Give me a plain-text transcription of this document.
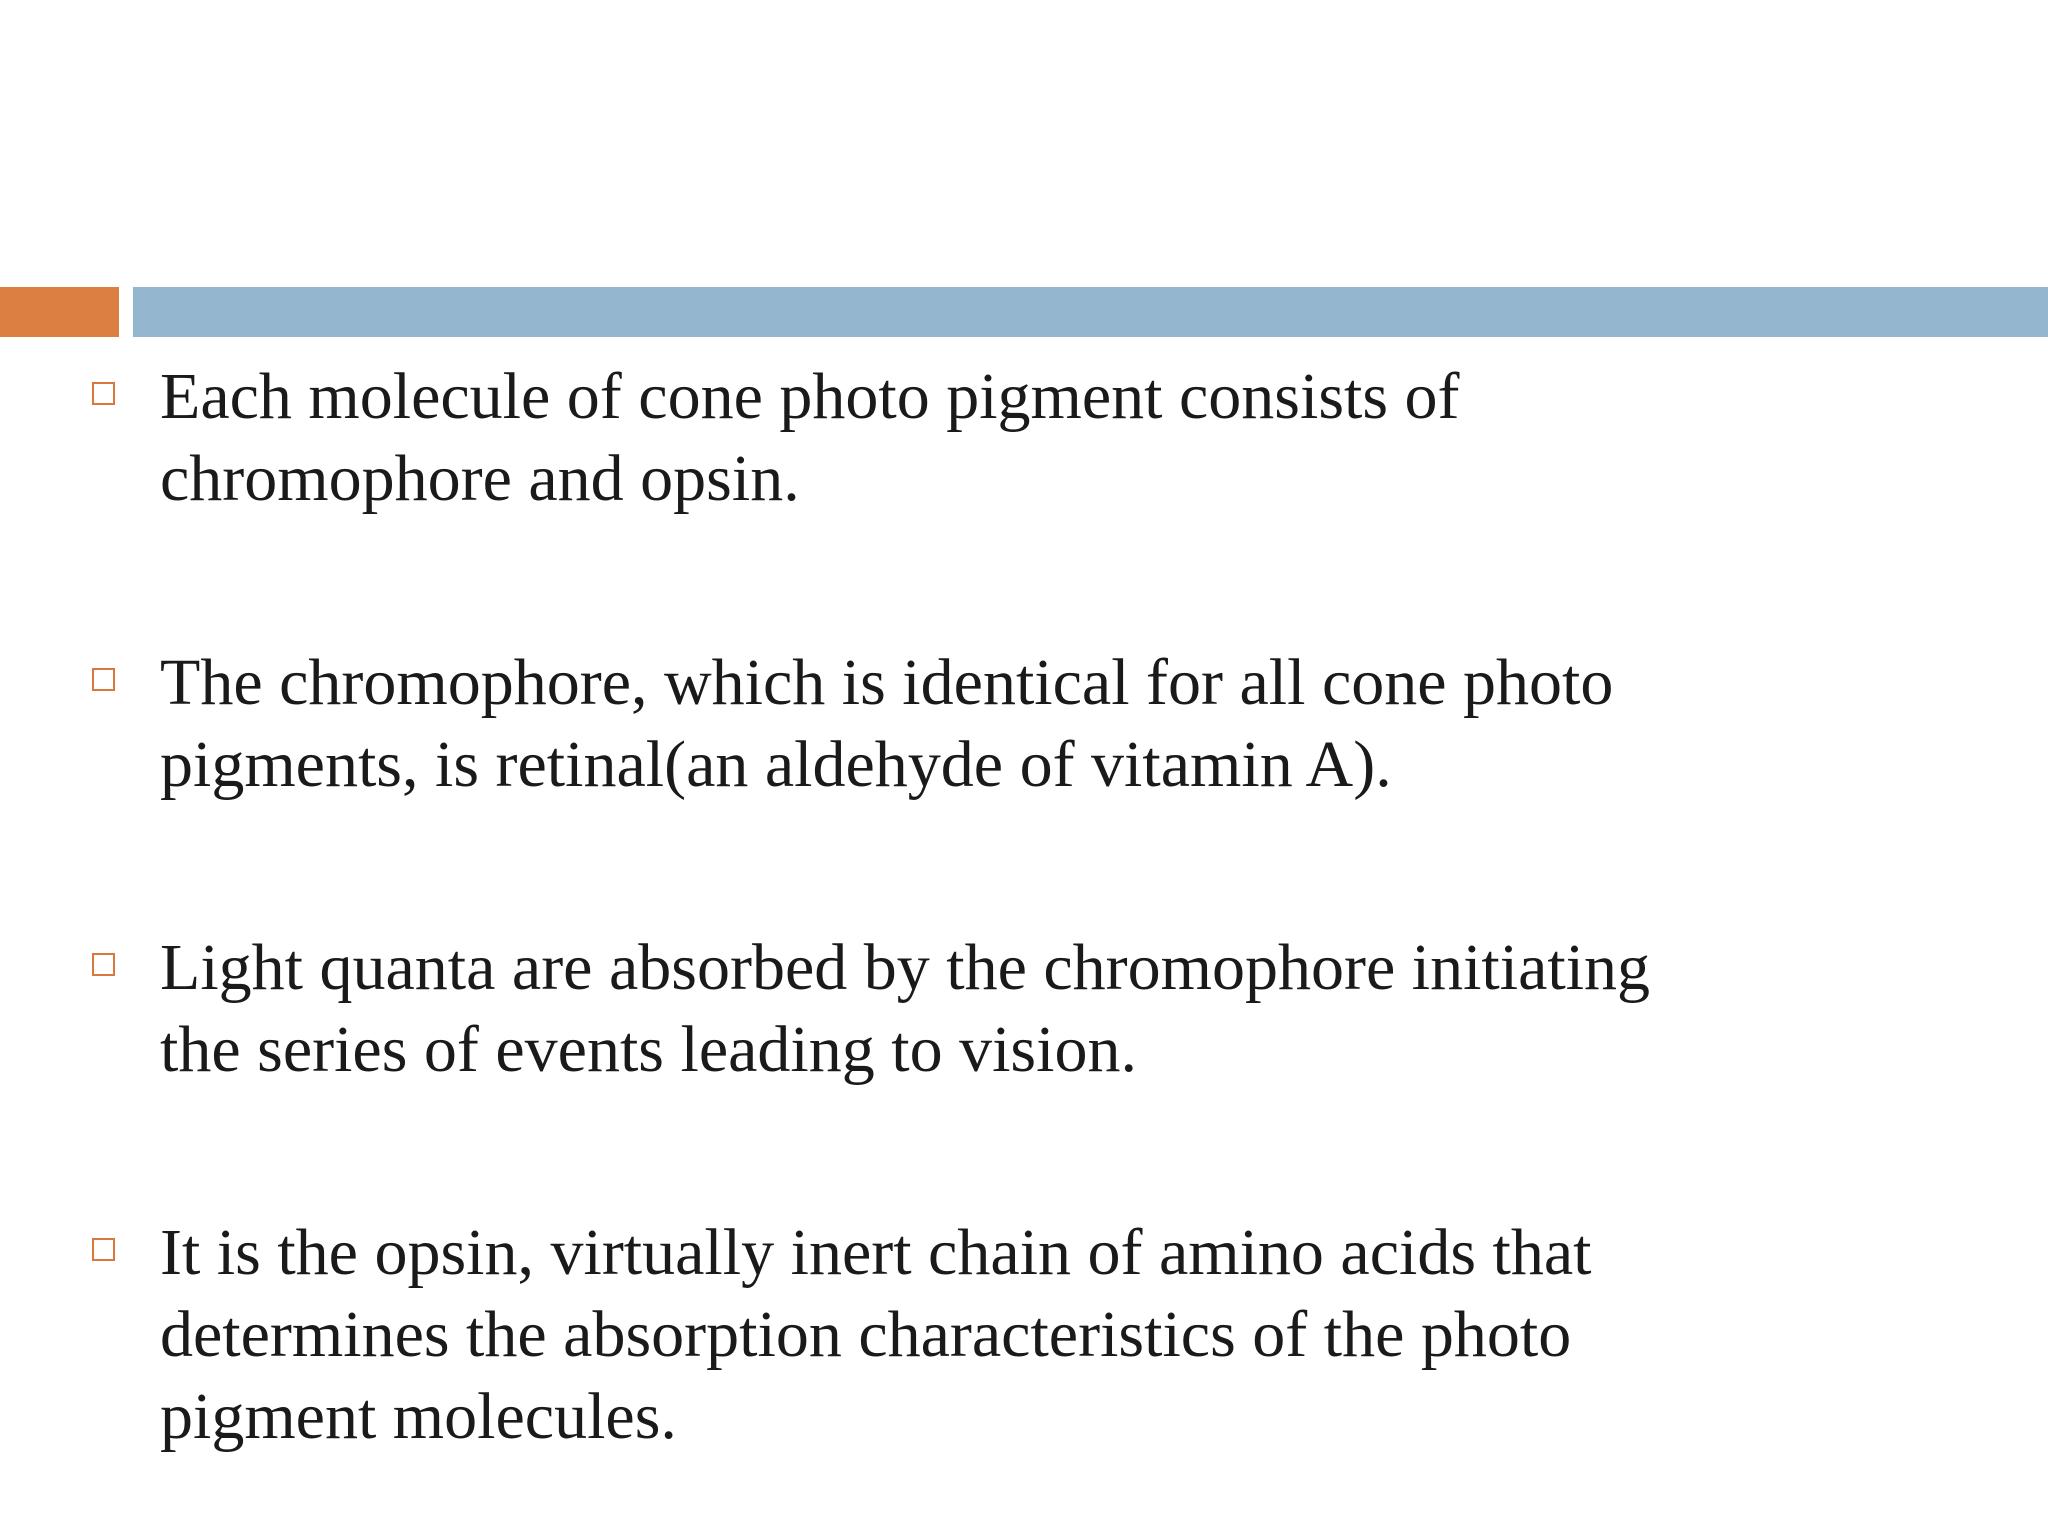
Each molecule of cone photo pigment consists of
chromophore and opsin.
The chromophore, which is identical for all cone photo
pigments, is retinal(an aldehyde of vitamin A).
Light quanta are absorbed by the chromophore initiating
the series of events leading to vision.
It is the opsin, virtually inert chain of amino acids that
determines the absorption characteristics of the photo
pigment molecules.
